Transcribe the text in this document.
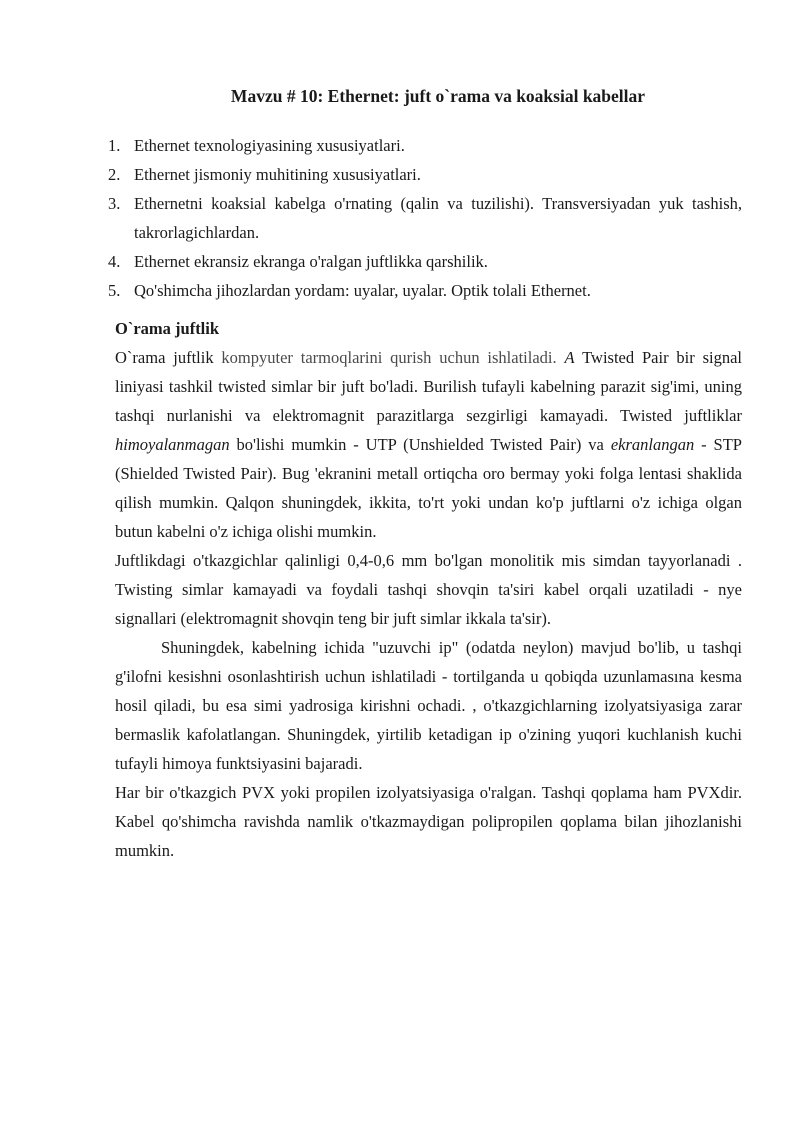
Mavzu # 10: Ethernet: juft o`rama va koaksial kabellar
1. Ethernet texnologiyasining xususiyatlari.
2. Ethernet jismoniy muhitining xususiyatlari.
3. Ethernetni koaksial kabelga o'rnating (qalin va tuzilishi). Transversiyadan yuk tashish, takrorlagichlardan.
4. Ethernet ekransiz ekranga o'ralgan juftlikka qarshilik.
5. Qo'shimcha jihozlardan yordam: uyalar, uyalar. Optik tolali Ethernet.

O`rama juftlik

O`rama juftlik kompyuter tarmoqlarini qurish uchun ishlatiladi. A Twisted Pair bir signal liniyasi tashkil twisted simlar bir juft bo'ladi. Burilish tufayli kabelning parazit sig'imi, uning tashqi nurlanishi va elektromagnit parazitlarga sezgirligi kamayadi. Twisted juftliklar himoyalanmagan bo'lishi mumkin - UTP (Unshielded Twisted Pair) va ekranlangan - STP (Shielded Twisted Pair). Bug 'ekranini metall ortiqcha oro bermay yoki folga lentasi shaklida qilish mumkin. Qalqon shuningdek, ikkita, to'rt yoki undan ko'p juftlarni o'z ichiga olgan butun kabelni o'z ichiga olishi mumkin.

Juftlikdagi o'tkazgichlar qalinligi 0,4-0,6 mm bo'lgan monolitik mis simdan tayyorlanadi . Twisting simlar kamayadi va foydali tashqi shovqin ta'siri kabel orqali uzatiladi - nye signallari (elektromagnit shovqin teng bir juft simlar ikkala ta'sir).

Shuningdek, kabelning ichida "uzuvchi ip" (odatda neylon) mavjud bo'lib, u tashqi g'ilofni kesishni osonlashtirish uchun ishlatiladi - tortilganda u qobiqda uzunlamasına kesma hosil qiladi, bu esa simi yadrosiga kirishni ochadi. , o'tkazgichlarning izolyatsiyasiga zarar bermaslik kafolatlangan. Shuningdek, yirtilib ketadigan ip o'zining yuqori kuchlanish kuchi tufayli himoya funktsiyasini bajaradi.

Har bir o'tkazgich PVX yoki propilen izolyatsiyasiga o'ralgan. Tashqi qoplama ham PVXdir. Kabel qo'shimcha ravishda namlik o'tkazmaydigan polipropilen qoplama bilan jihozlanishi mumkin.
